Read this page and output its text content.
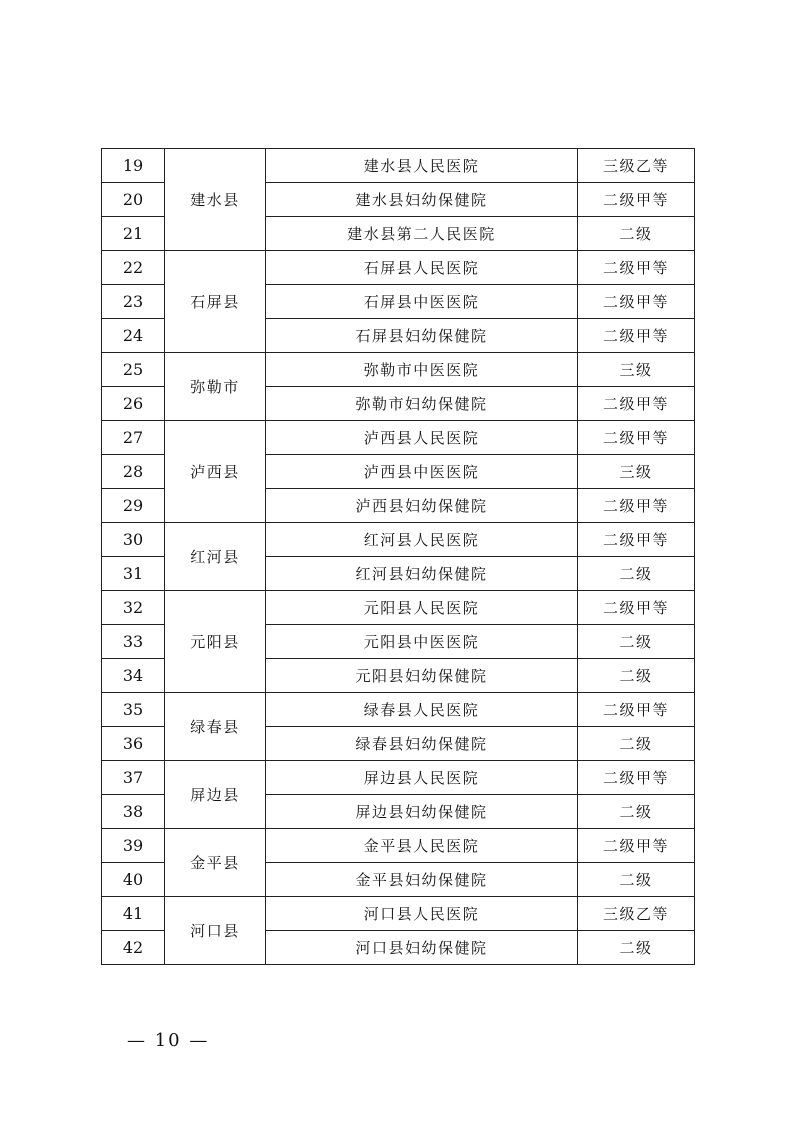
19	建水县	建水县人民医院	三级乙等
20		建水县妇幼保健院	二级甲等
21		建水县第二人民医院	二级
22	石屏县	石屏县人民医院	二级甲等
23		石屏县中医医院	二级甲等
24		石屏县妇幼保健院	二级甲等
25	弥勒市	弥勒市中医医院	三级
26		弥勒市妇幼保健院	二级甲等
27	泸西县	泸西县人民医院	二级甲等
28		泸西县中医医院	三级
29		泸西县妇幼保健院	二级甲等
30	红河县	红河县人民医院	二级甲等
31		红河县妇幼保健院	二级
32	元阳县	元阳县人民医院	二级甲等
33		元阳县中医医院	二级
34		元阳县妇幼保健院	二级
35	绿春县	绿春县人民医院	二级甲等
36		绿春县妇幼保健院	二级
37	屏边县	屏边县人民医院	二级甲等
38		屏边县妇幼保健院	二级
39	金平县	金平县人民医院	二级甲等
40		金平县妇幼保健院	二级
41	河口县	河口县人民医院	三级乙等
42		河口县妇幼保健院	二级
— 10 —
